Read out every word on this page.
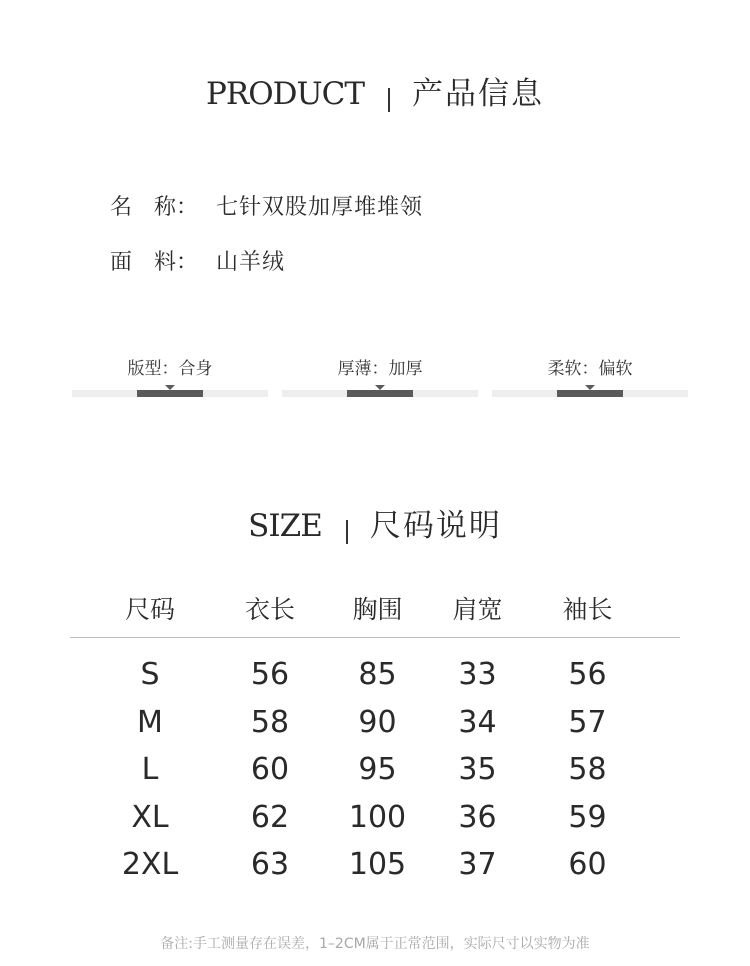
PRODUCT 产品信息
名　称： 七针双股加厚堆堆领
面　料： 山羊绒
版型：合身	厚薄：加厚	柔软：偏软
SIZE 尺码说明
尺码	衣长	胸围	肩宽	袖长
S	56	85	33	56
M	58	90	34	57
L	60	95	35	58
XL	62	100	36	59
2XL	63	105	37	60
备注:手工测量存在误差，1–2CM属于正常范围，实际尺寸以实物为准
